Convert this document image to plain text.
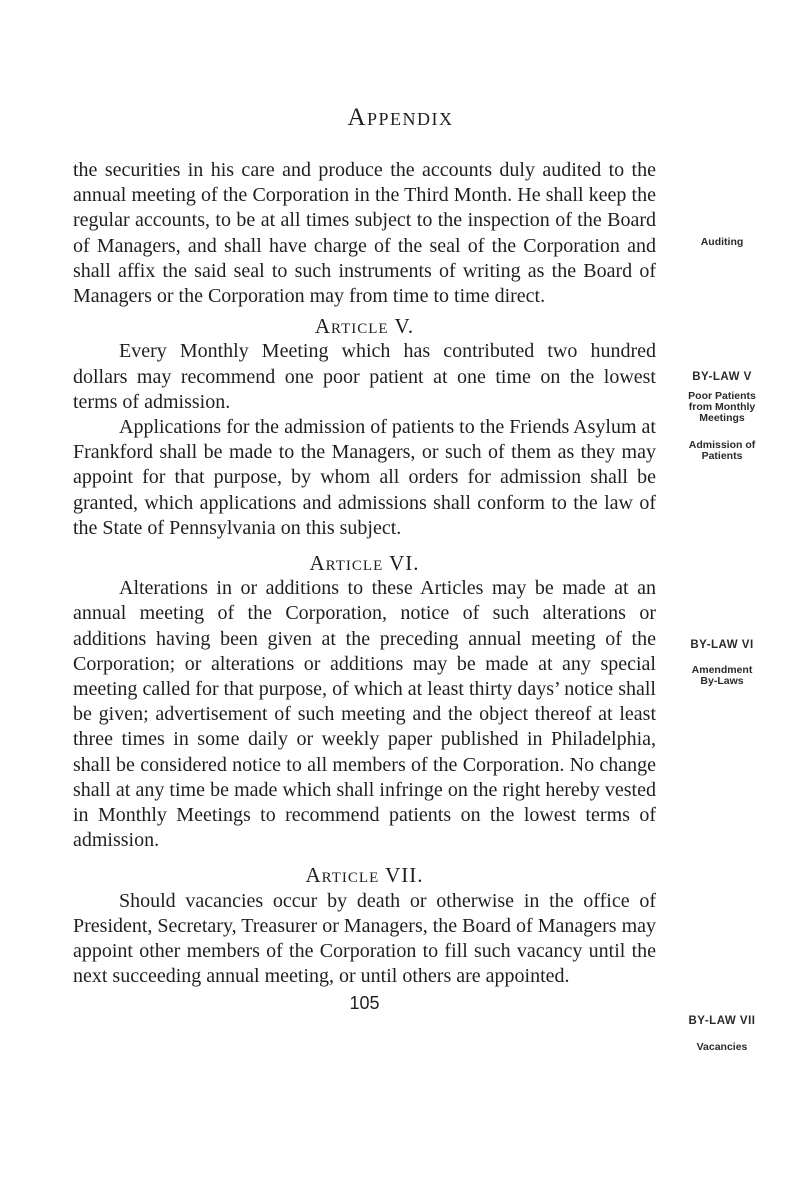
Appendix

the securities in his care and produce the accounts duly audited to the annual meeting of the Corporation in the Third Month. He shall keep the regular accounts, to be at all times subject to the inspection of the Board of Managers, and shall have charge of the seal of the Corporation and shall affix the said seal to such instruments of writing as the Board of Managers or the Corporation may from time to time direct.

Article V.

Every Monthly Meeting which has contributed two hundred dollars may recommend one poor patient at one time on the lowest terms of admission.

Applications for the admission of patients to the Friends Asylum at Frankford shall be made to the Managers, or such of them as they may appoint for that purpose, by whom all orders for admission shall be granted, which applications and admissions shall conform to the law of the State of Pennsylvania on this subject.

Article VI.

Alterations in or additions to these Articles may be made at an annual meeting of the Corporation, notice of such alterations or additions having been given at the preceding annual meeting of the Corporation; or alterations or additions may be made at any special meeting called for that purpose, of which at least thirty days’ notice shall be given; advertisement of such meeting and the object thereof at least three times in some daily or weekly paper published in Philadelphia, shall be considered notice to all members of the Corporation. No change shall at any time be made which shall infringe on the right hereby vested in Monthly Meetings to recommend patients on the lowest terms of admission.

Article VII.

Should vacancies occur by death or otherwise in the office of President, Secretary, Treasurer or Managers, the Board of Managers may appoint other members of the Corporation to fill such vacancy until the next succeeding annual meeting, or until others are appointed.

105
Auditing
BY-LAW V
Poor Patients from Monthly Meetings
Admission of Patients
BY-LAW VI
Amendment By-Laws
BY-LAW VII
Vacancies
